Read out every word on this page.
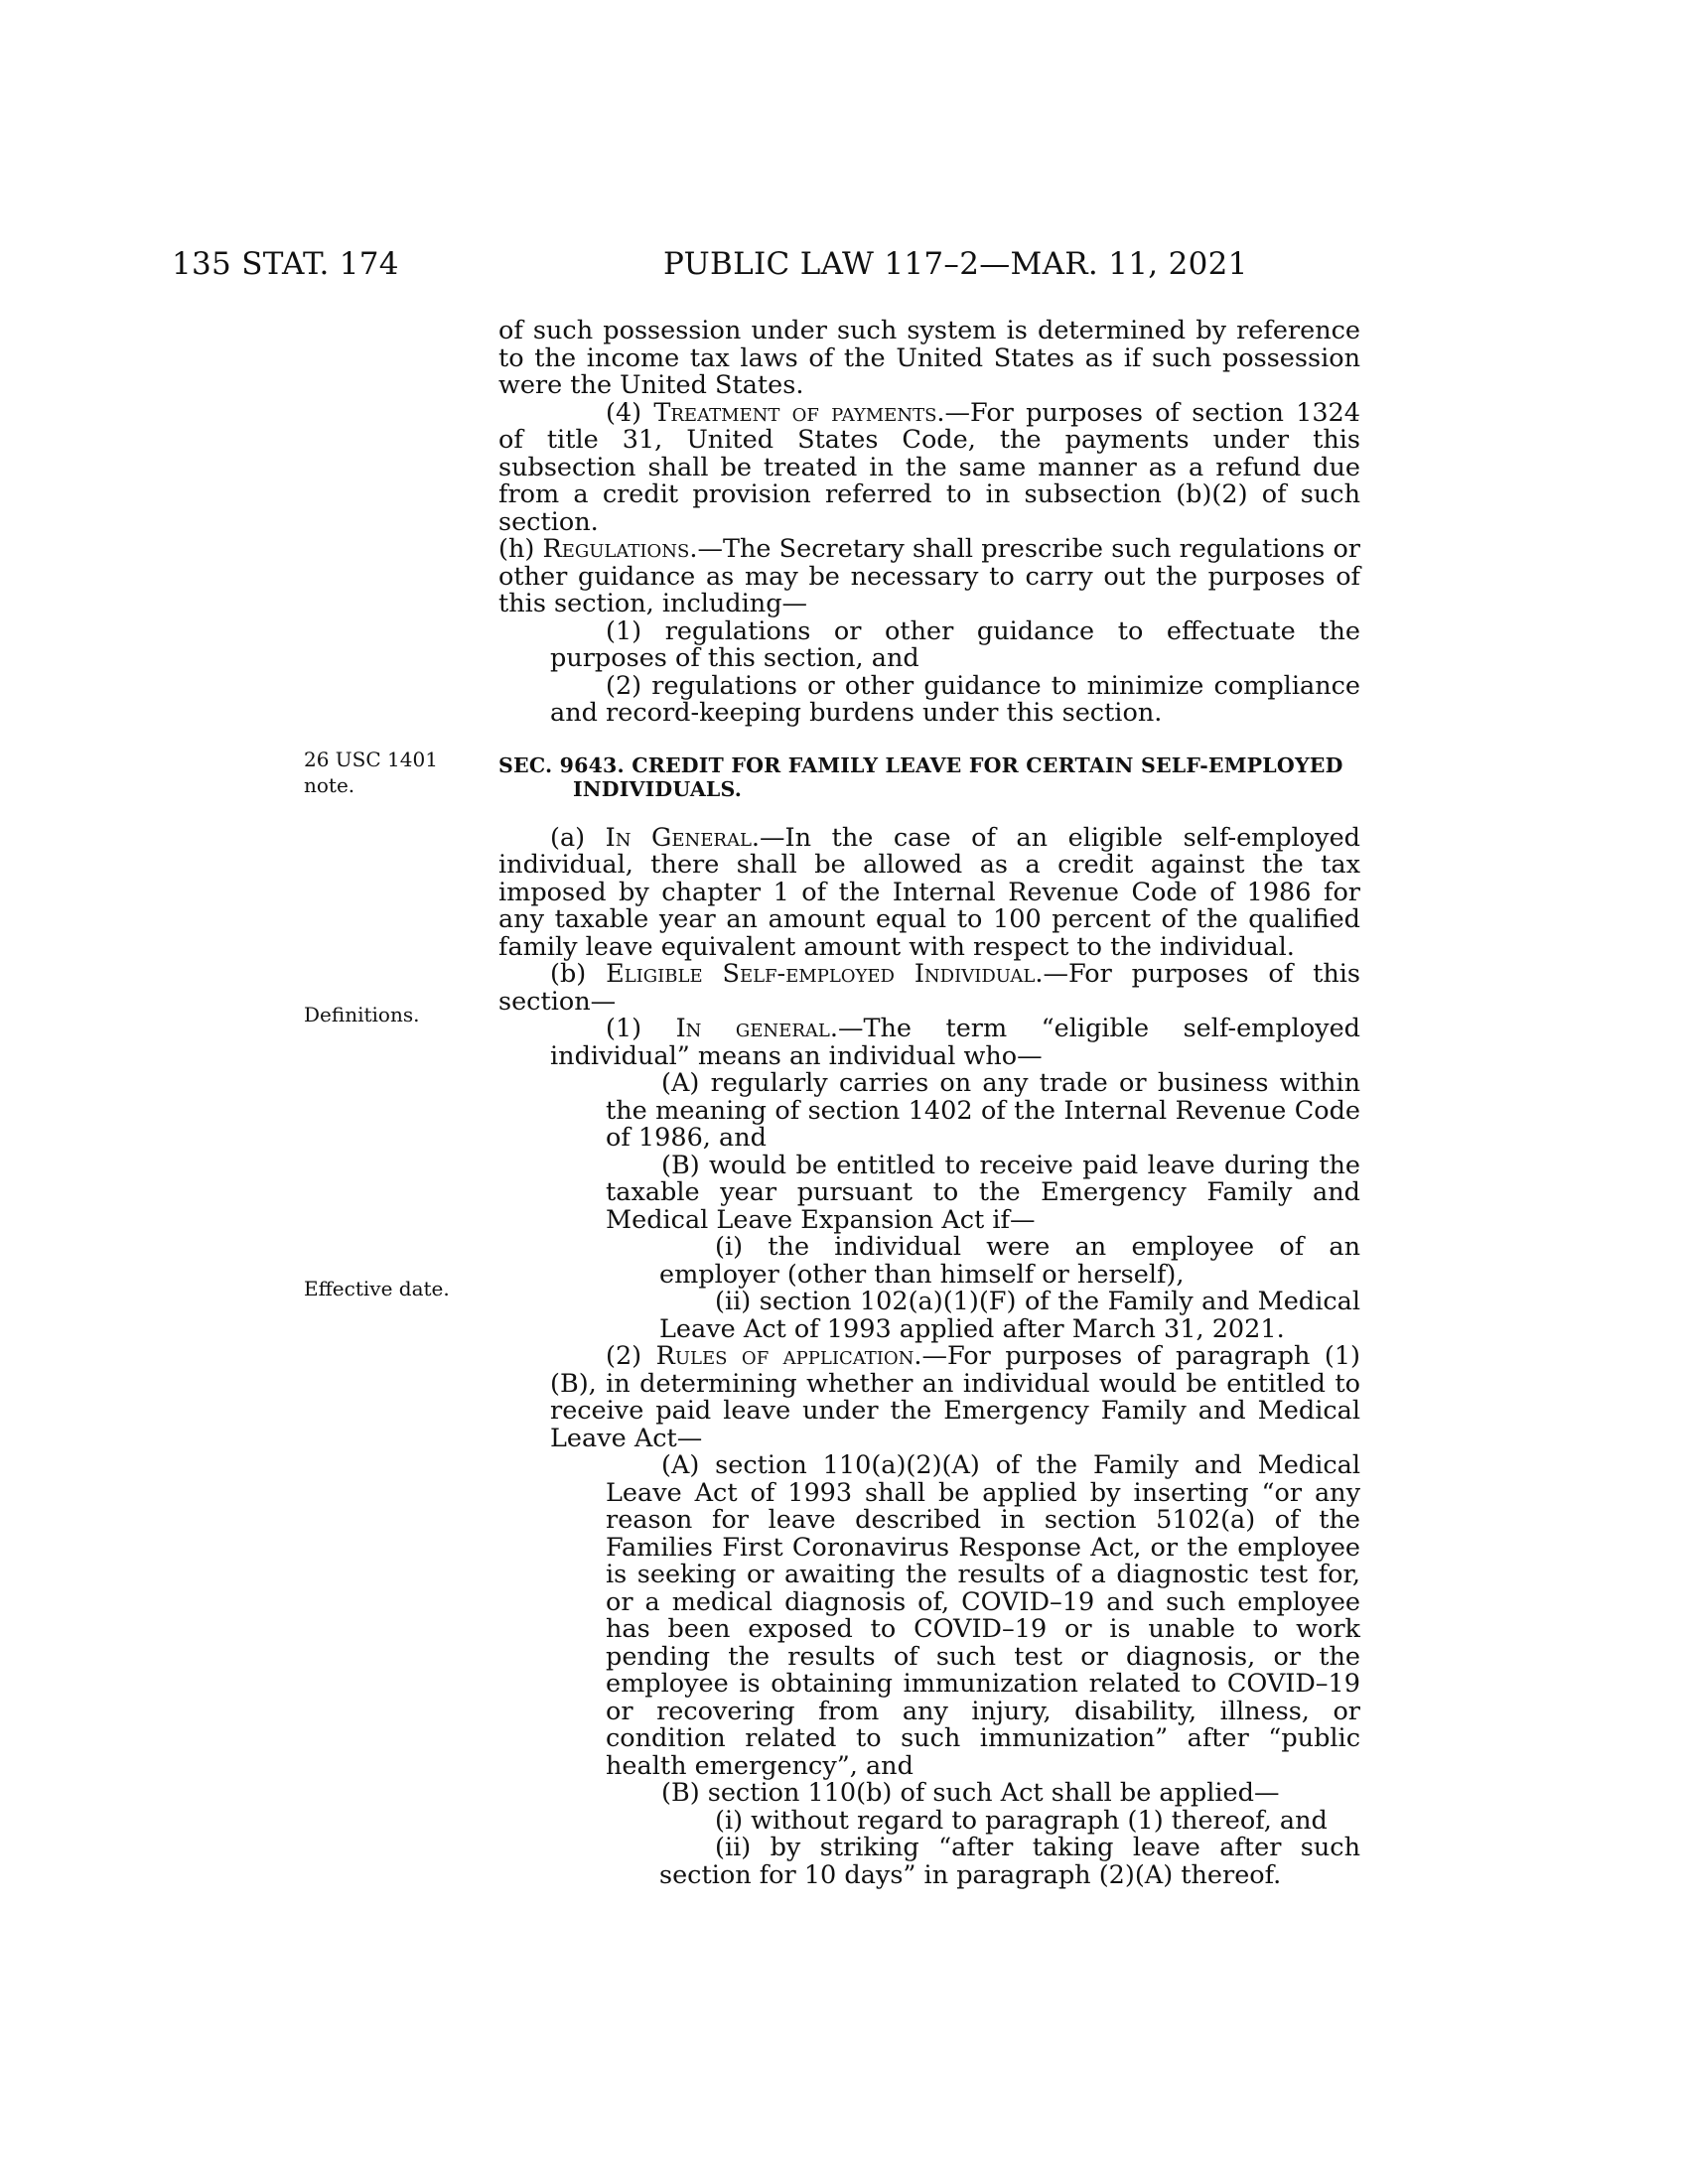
135 STAT. 174	PUBLIC LAW 117–2—MAR. 11, 2021
26 USC 1401
note.
Definitions.
Effective date.

of such possession under such system is determined by reference to the income tax laws of the United States as if such possession were the United States.

(4) Treatment of payments.—For purposes of section 1324 of title 31, United States Code, the payments under this subsection shall be treated in the same manner as a refund due from a credit provision referred to in subsection (b)(2) of such section.

(h) Regulations.—The Secretary shall prescribe such regulations or other guidance as may be necessary to carry out the purposes of this section, including—

(1) regulations or other guidance to effectuate the purposes of this section, and

(2) regulations or other guidance to minimize compliance and record-keeping burdens under this section.

SEC. 9643. CREDIT FOR FAMILY LEAVE FOR CERTAIN SELF-EMPLOYED INDIVIDUALS.

(a) In General.—In the case of an eligible self-employed individual, there shall be allowed as a credit against the tax imposed by chapter 1 of the Internal Revenue Code of 1986 for any taxable year an amount equal to 100 percent of the qualified family leave equivalent amount with respect to the individual.

(b) Eligible Self-employed Individual.—For purposes of this section—

(1) In general.—The term “eligible self-employed individual” means an individual who—

(A) regularly carries on any trade or business within the meaning of section 1402 of the Internal Revenue Code of 1986, and

(B) would be entitled to receive paid leave during the taxable year pursuant to the Emergency Family and Medical Leave Expansion Act if—

(i) the individual were an employee of an employer (other than himself or herself),

(ii) section 102(a)(1)(F) of the Family and Medical Leave Act of 1993 applied after March 31, 2021.

(2) Rules of application.—For purposes of paragraph (1)(B), in determining whether an individual would be entitled to receive paid leave under the Emergency Family and Medical Leave Act—

(A) section 110(a)(2)(A) of the Family and Medical Leave Act of 1993 shall be applied by inserting “or any reason for leave described in section 5102(a) of the Families First Coronavirus Response Act, or the employee is seeking or awaiting the results of a diagnostic test for, or a medical diagnosis of, COVID–19 and such employee has been exposed to COVID–19 or is unable to work pending the results of such test or diagnosis, or the employee is obtaining immunization related to COVID–19 or recovering from any injury, disability, illness, or condition related to such immunization” after “public health emergency”, and

(B) section 110(b) of such Act shall be applied—

(i) without regard to paragraph (1) thereof, and

(ii) by striking “after taking leave after such section for 10 days” in paragraph (2)(A) thereof.
